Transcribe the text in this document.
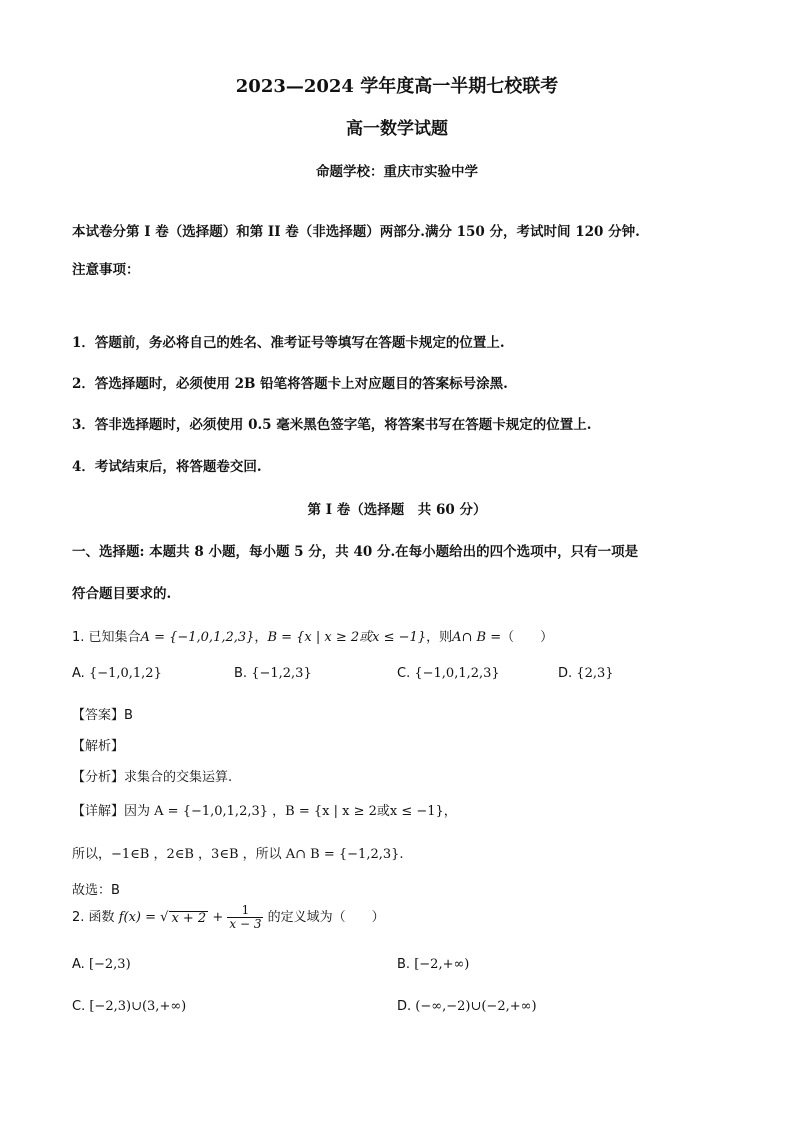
2023—2024 学年度高一半期七校联考
高一数学试题
命题学校：重庆市实验中学
本试卷分第 I 卷（选择题）和第 II 卷（非选择题）两部分.满分 150 分，考试时间 120 分钟.
注意事项：
1．答题前，务必将自己的姓名、准考证号等填写在答题卡规定的位置上.
2．答选择题时，必须使用 2B 铅笔将答题卡上对应题目的答案标号涂黑.
3．答非选择题时，必须使用 0.5 毫米黑色签字笔，将答案书写在答题卡规定的位置上.
4．考试结束后，将答题卷交回.
第 I 卷（选择题　共 60 分）
一、选择题: 本题共 8 小题，每小题 5 分，共 40 分.在每小题给出的四个选项中，只有一项是
符合题目要求的.
1. 已知集合A = {−1,0,1,2,3}，B = {x | x ≥ 2或x ≤ −1}，则A∩ B =（　　）
A. {−1,0,1,2}	B. {−1,2,3}	C. {−1,0,1,2,3}	D. {2,3}
【答案】B
【解析】
【分析】求集合的交集运算.
【详解】因为 A = {−1,0,1,2,3} ，B = {x | x ≥ 2或x ≤ −1}，
所以，−1∈B ，2∈B ，3∈B ，所以 A∩ B = {−1,2,3}.
故选：B
2. 函数 f(x) = √ $x + 2 + \frac{1}{x - 3}$ 的定义域为（　　）
A. [−2,3)	B. [−2,+∞)
C. [−2,3)∪(3,+∞)	D. (−∞,−2)∪(−2,+∞)
